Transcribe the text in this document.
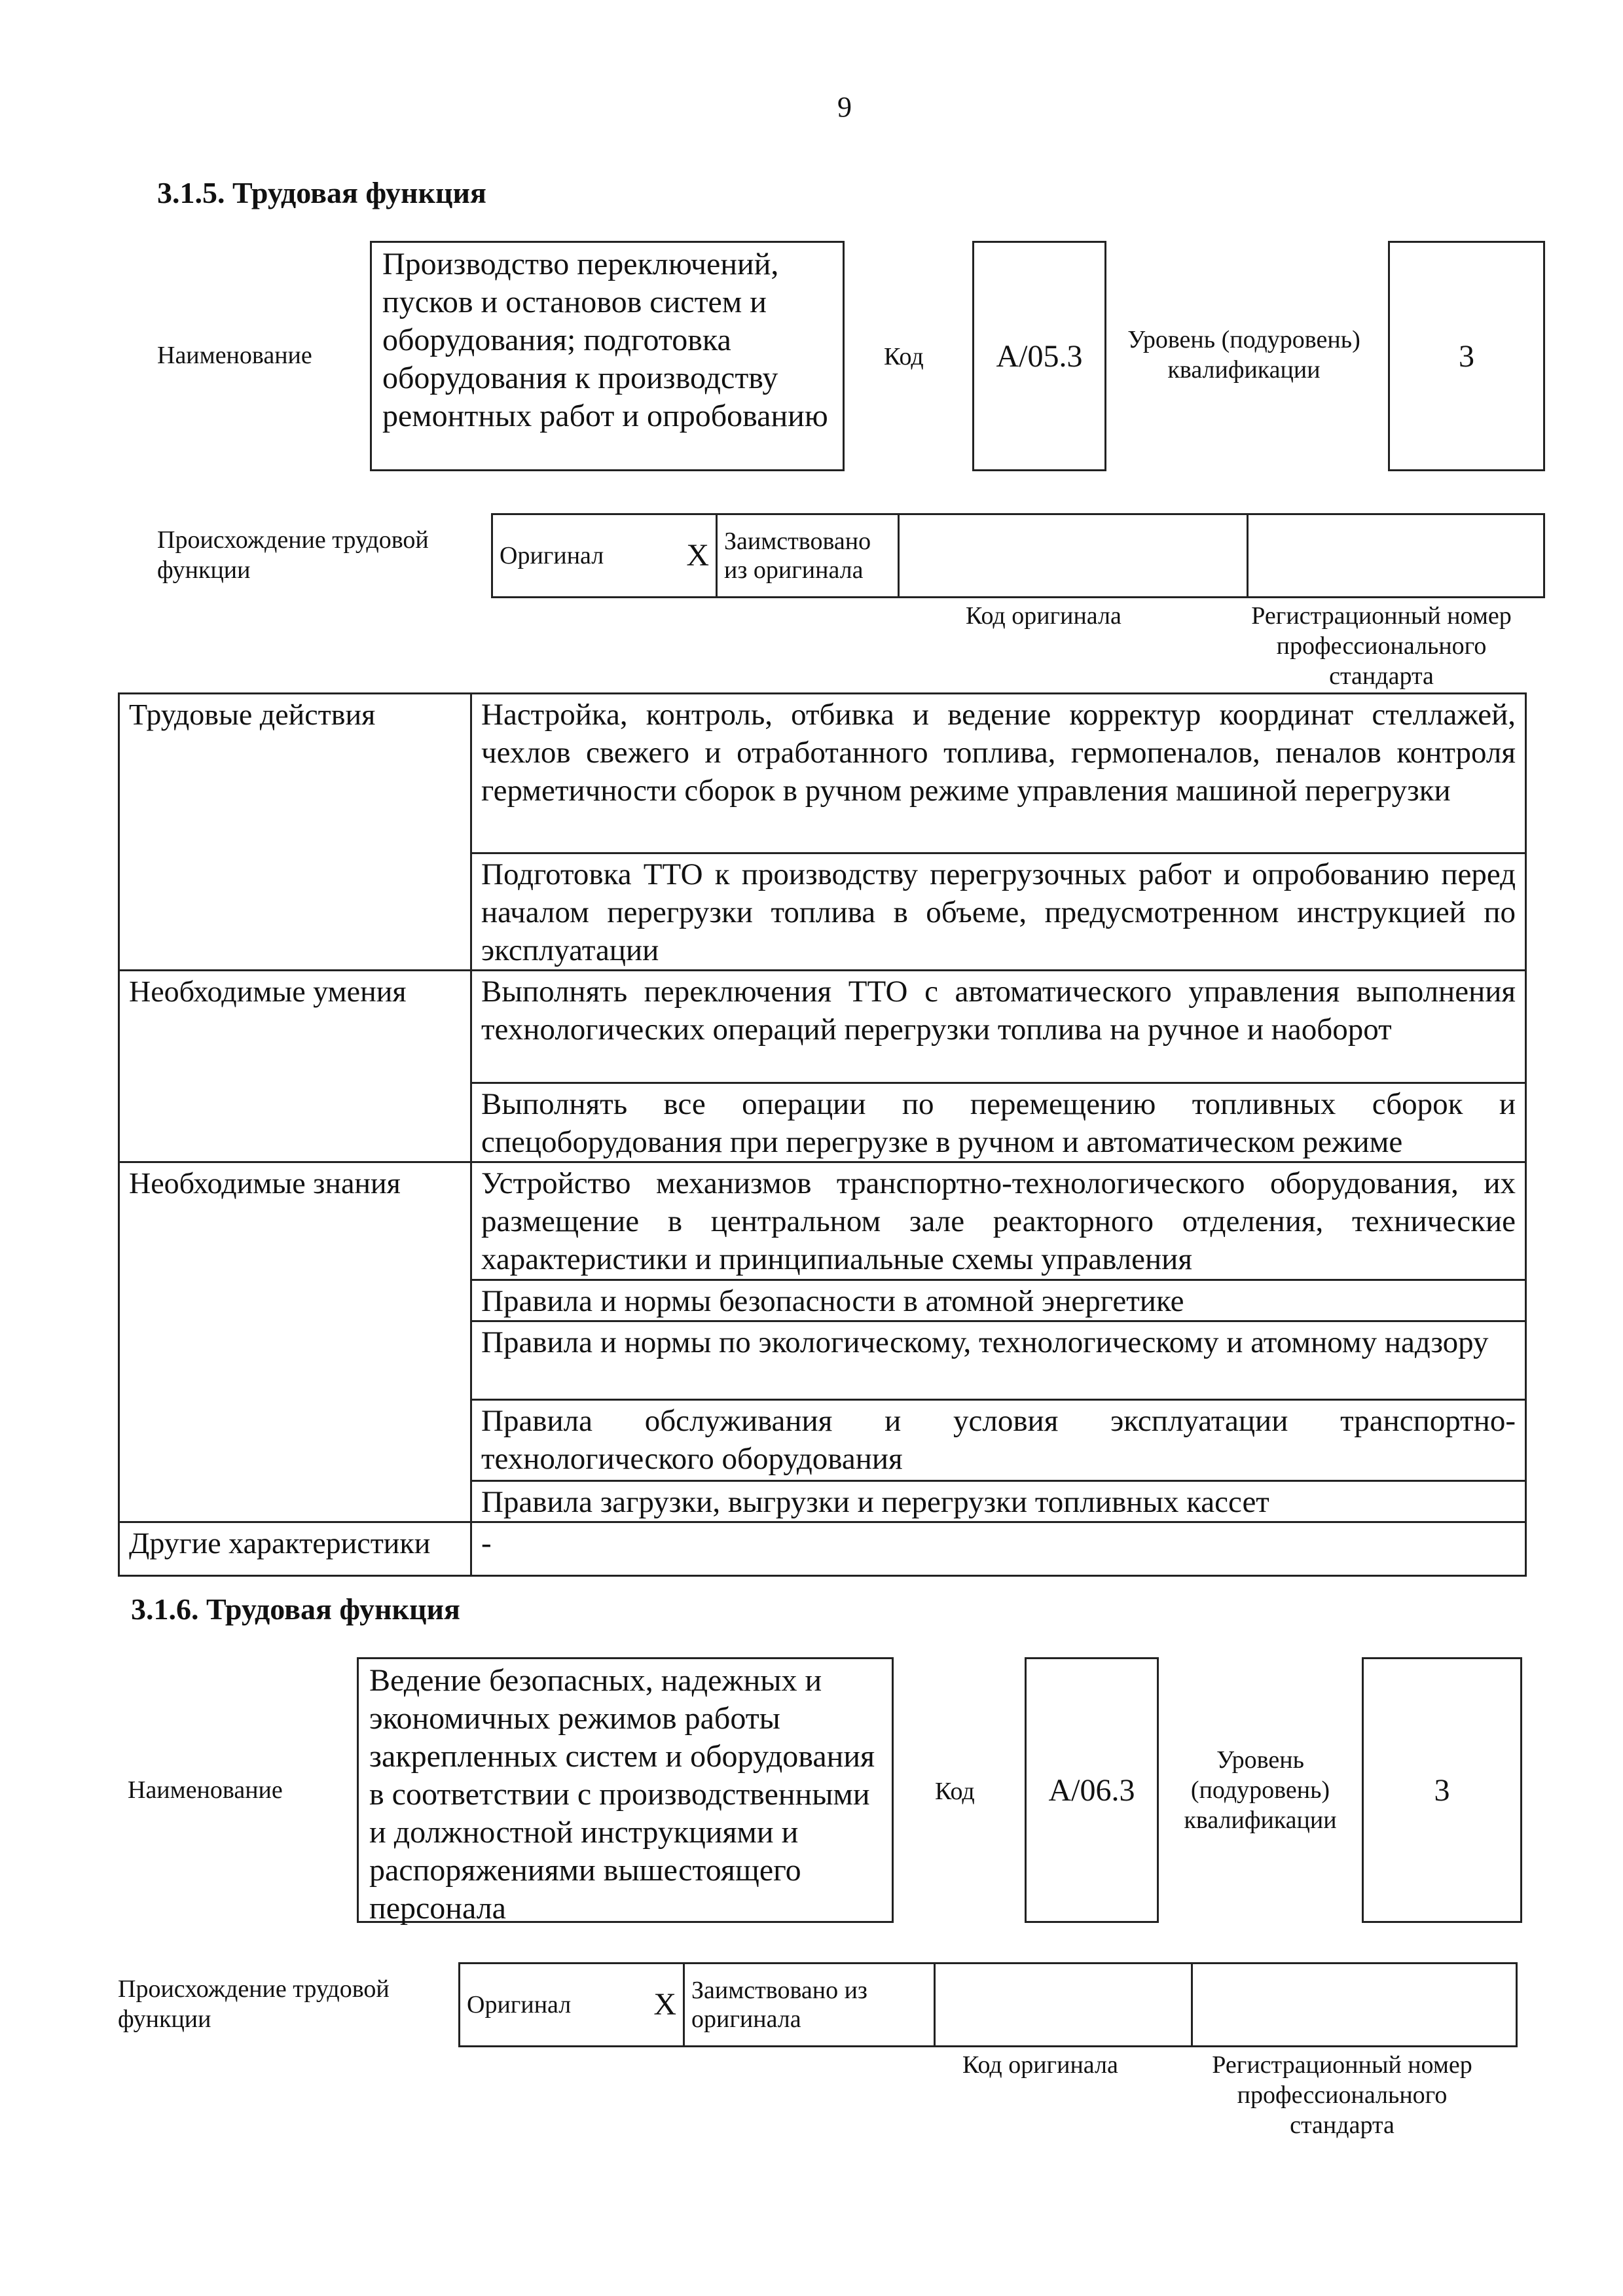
9
3.1.5. Трудовая функция
Наименование
Производство переключений, пусков и остановов систем и оборудования; подготовка оборудования к производству ремонтных работ и опробованию
Код А/05.3	Уровень (подуровень) квалификации	3
Происхождение трудовой функции
Оригинал	X	Заимствовано из оригинала		
Код оригинала	Регистрационный номер профессионального стандарта
Трудовые действия	Настройка, контроль, отбивка и ведение корректур координат стеллажей, чехлов свежего и отработанного топлива, гермопеналов, пеналов контроля герметичности сборок в ручном режиме управления машиной перегрузки
	Подготовка ТТО к производству перегрузочных работ и опробованию перед началом перегрузки топлива в объеме, предусмотренном инструкцией по эксплуатации
Необходимые умения	Выполнять переключения ТТО с автоматического управления выполнения технологических операций перегрузки топлива на ручное и наоборот
	Выполнять все операции по перемещению топливных сборок и спецоборудования при перегрузке в ручном и автоматическом режиме
Необходимые знания	Устройство механизмов транспортно-технологического оборудования, их размещение в центральном зале реакторного отделения, технические характеристики и принципиальные схемы управления
	Правила и нормы безопасности в атомной энергетике
	Правила и нормы по экологическому, технологическому и атомному надзору
	Правила обслуживания и условия эксплуатации транспортно-технологического оборудования
	Правила загрузки, выгрузки и перегрузки топливных кассет
Другие характеристики	-
3.1.6. Трудовая функция
Наименование
Ведение безопасных, надежных и экономичных режимов работы закрепленных систем и оборудования в соответствии с производственными и должностной инструкциями и распоряжениями вышестоящего персонала
Код А/06.3
Уровень (подуровень) квалификации
3
Происхождение трудовой функции
Оригинал	X	Заимствовано из оригинала		
Код оригинала	Регистрационный номер профессионального стандарта
